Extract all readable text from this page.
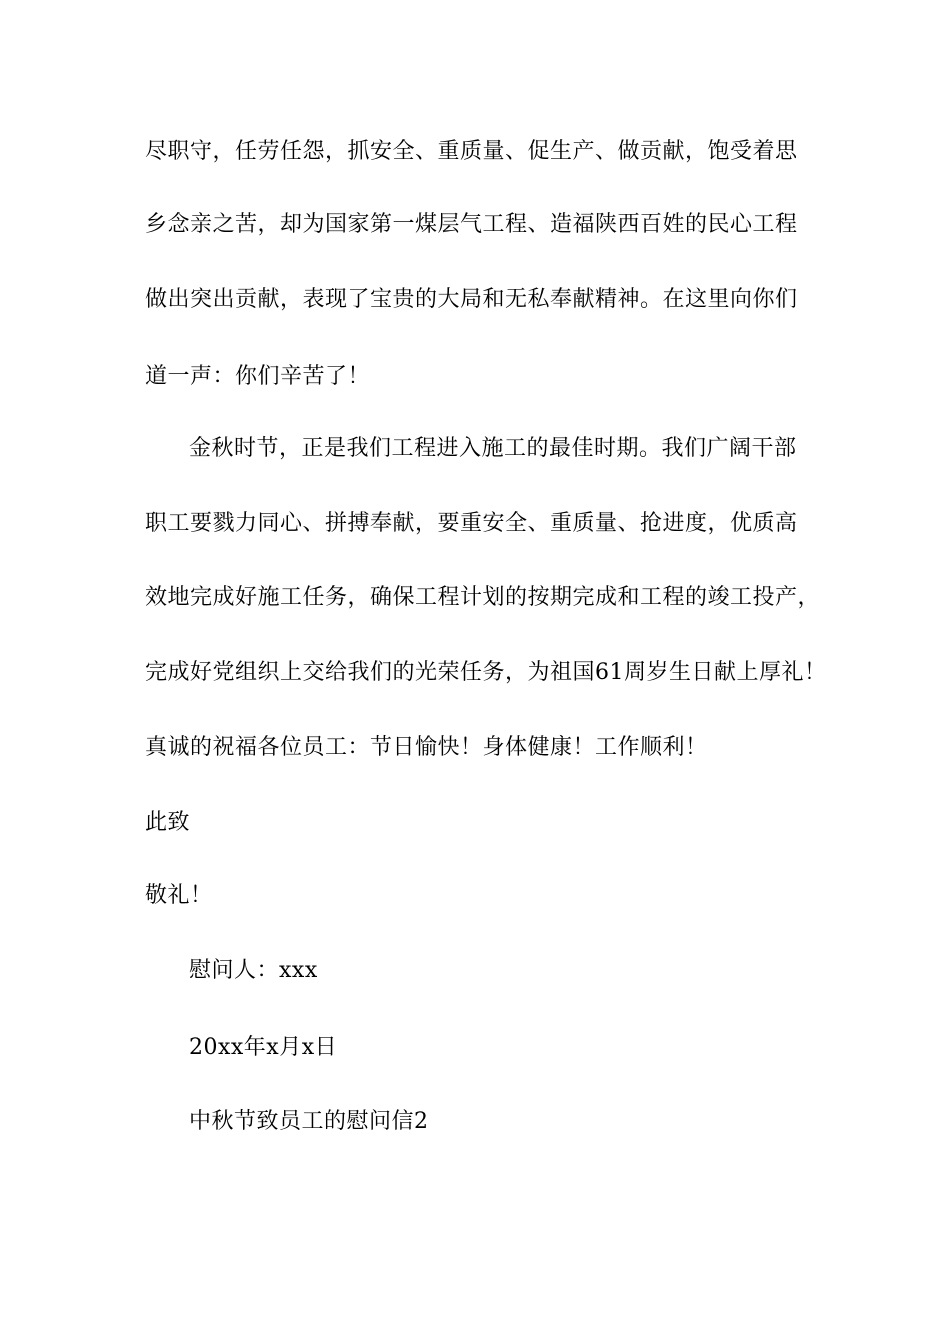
尽职守，任劳任怨，抓安全、重质量、促生产、做贡献，饱受着思
乡念亲之苦，却为国家第一煤层气工程、造福陕西百姓的民心工程
做出突出贡献，表现了宝贵的大局和无私奉献精神。在这里向你们
道一声：你们辛苦了！
金秋时节，正是我们工程进入施工的最佳时期。我们广阔干部
职工要戮力同心、拼搏奉献，要重安全、重质量、抢进度，优质高
效地完成好施工任务，确保工程计划的按期完成和工程的竣工投产，
完成好党组织上交给我们的光荣任务，为祖国61周岁生日献上厚礼！
真诚的祝福各位员工：节日愉快！身体健康！工作顺利！
此致
敬礼！
慰问人：xxx
20xx年x月x日
中秋节致员工的慰问信2
